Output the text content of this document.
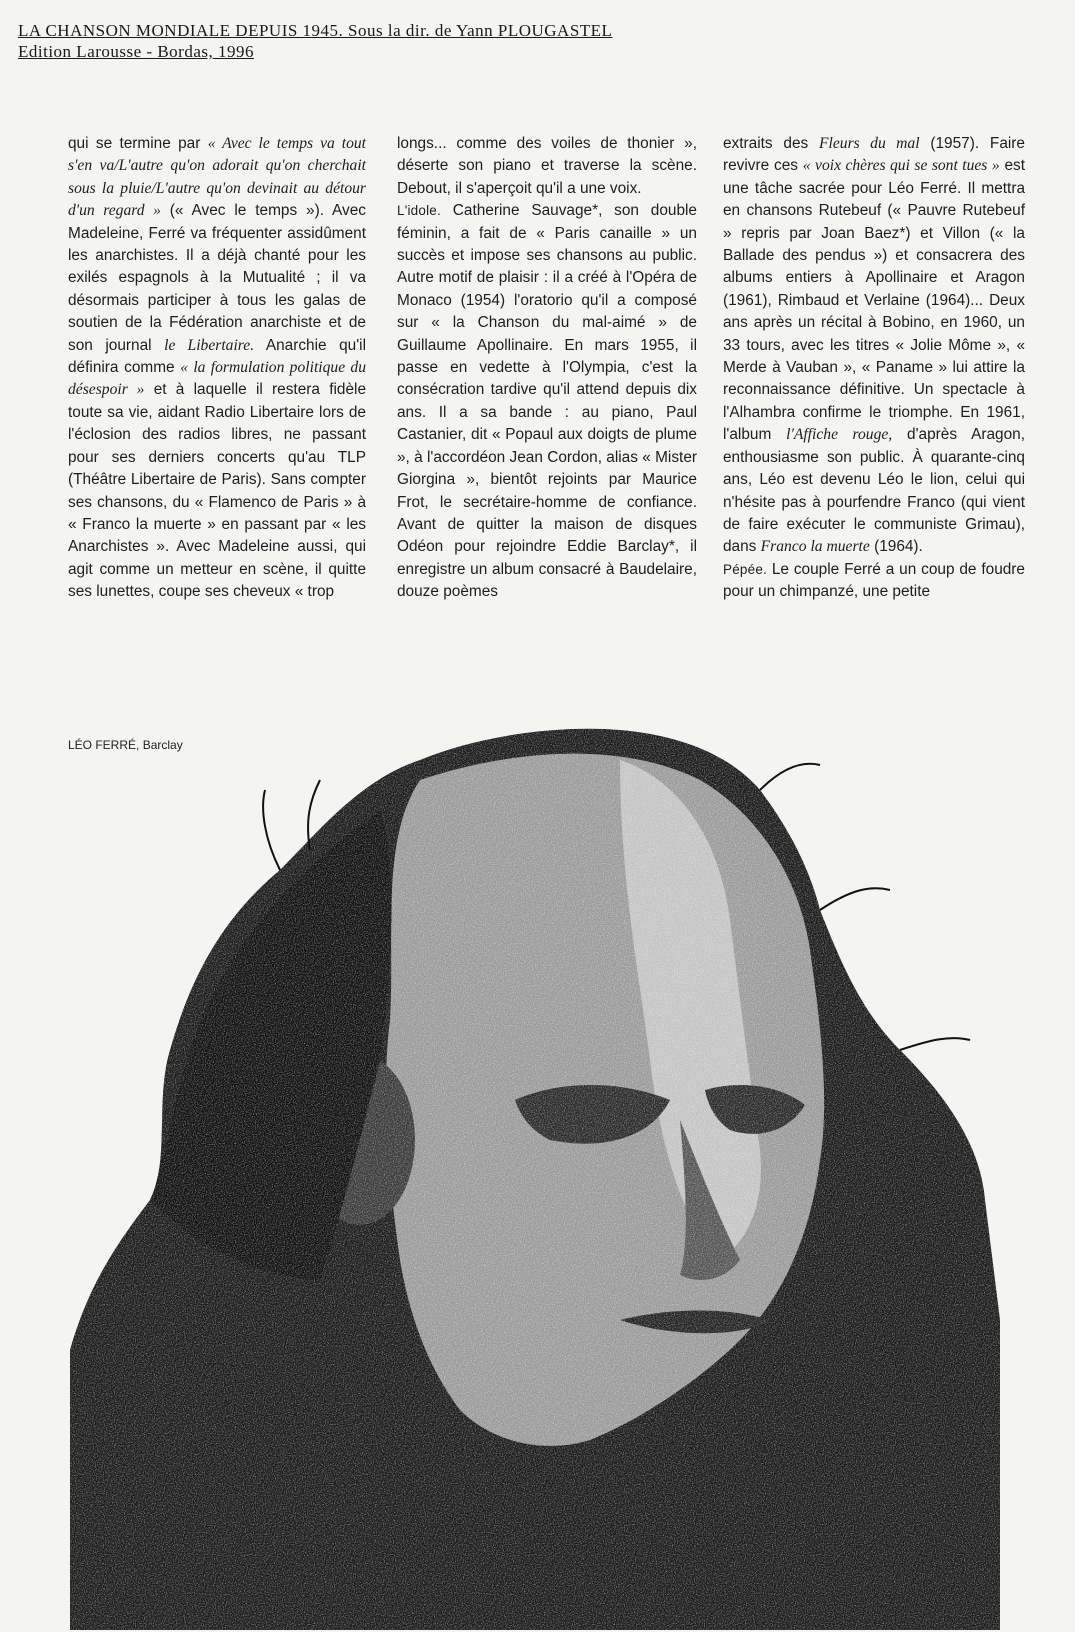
LA CHANSON MONDIALE DEPUIS 1945. Sous la dir. de Yann PLOUGASTEL
Edition Larousse - Bordas, 1996

qui se termine par « Avec le temps va tout s'en va/L'autre qu'on adorait qu'on cherchait sous la pluie/L'autre qu'on devinait au détour d'un regard » (« Avec le temps »). Avec Madeleine, Ferré va fréquenter assidûment les anarchistes. Il a déjà chanté pour les exilés espagnols à la Mutualité ; il va désormais participer à tous les galas de soutien de la Fédération anarchiste et de son journal le Libertaire. Anarchie qu'il définira comme « la formulation politique du désespoir » et à laquelle il restera fidèle toute sa vie, aidant Radio Libertaire lors de l'éclosion des radios libres, ne passant pour ses derniers concerts qu'au TLP (Théâtre Libertaire de Paris). Sans compter ses chansons, du « Flamenco de Paris » à « Franco la muerte » en passant par « les Anarchistes ». Avec Madeleine aussi, qui agit comme un metteur en scène, il quitte ses lunettes, coupe ses cheveux « trop

longs... comme des voiles de thonier », déserte son piano et traverse la scène. Debout, il s'aperçoit qu'il a une voix.

L'idole. Catherine Sauvage*, son double féminin, a fait de « Paris canaille » un succès et impose ses chansons au public. Autre motif de plaisir : il a créé à l'Opéra de Monaco (1954) l'oratorio qu'il a composé sur « la Chanson du mal-aimé » de Guillaume Apollinaire. En mars 1955, il passe en vedette à l'Olympia, c'est la consécration tardive qu'il attend depuis dix ans. Il a sa bande : au piano, Paul Castanier, dit « Popaul aux doigts de plume », à l'accordéon Jean Cordon, alias « Mister Giorgina », bientôt rejoints par Maurice Frot, le secrétaire-homme de confiance. Avant de quitter la maison de disques Odéon pour rejoindre Eddie Barclay*, il enregistre un album consacré à Baudelaire, douze poèmes

extraits des Fleurs du mal (1957). Faire revivre ces « voix chères qui se sont tues » est une tâche sacrée pour Léo Ferré. Il mettra en chansons Rutebeuf (« Pauvre Rutebeuf » repris par Joan Baez*) et Villon (« la Ballade des pendus ») et consacrera des albums entiers à Apollinaire et Aragon (1961), Rimbaud et Verlaine (1964)... Deux ans après un récital à Bobino, en 1960, un 33 tours, avec les titres « Jolie Môme », « Merde à Vauban », « Paname » lui attire la reconnaissance définitive. Un spectacle à l'Alhambra confirme le triomphe. En 1961, l'album l'Affiche rouge, d'après Aragon, enthousiasme son public. À quarante-cinq ans, Léo est devenu Léo le lion, celui qui n'hésite pas à pourfendre Franco (qui vient de faire exécuter le communiste Grimau), dans Franco la muerte (1964).

Pépée. Le couple Ferré a un coup de foudre pour un chimpanzé, une petite

LÉO FERRÉ, Barclay
